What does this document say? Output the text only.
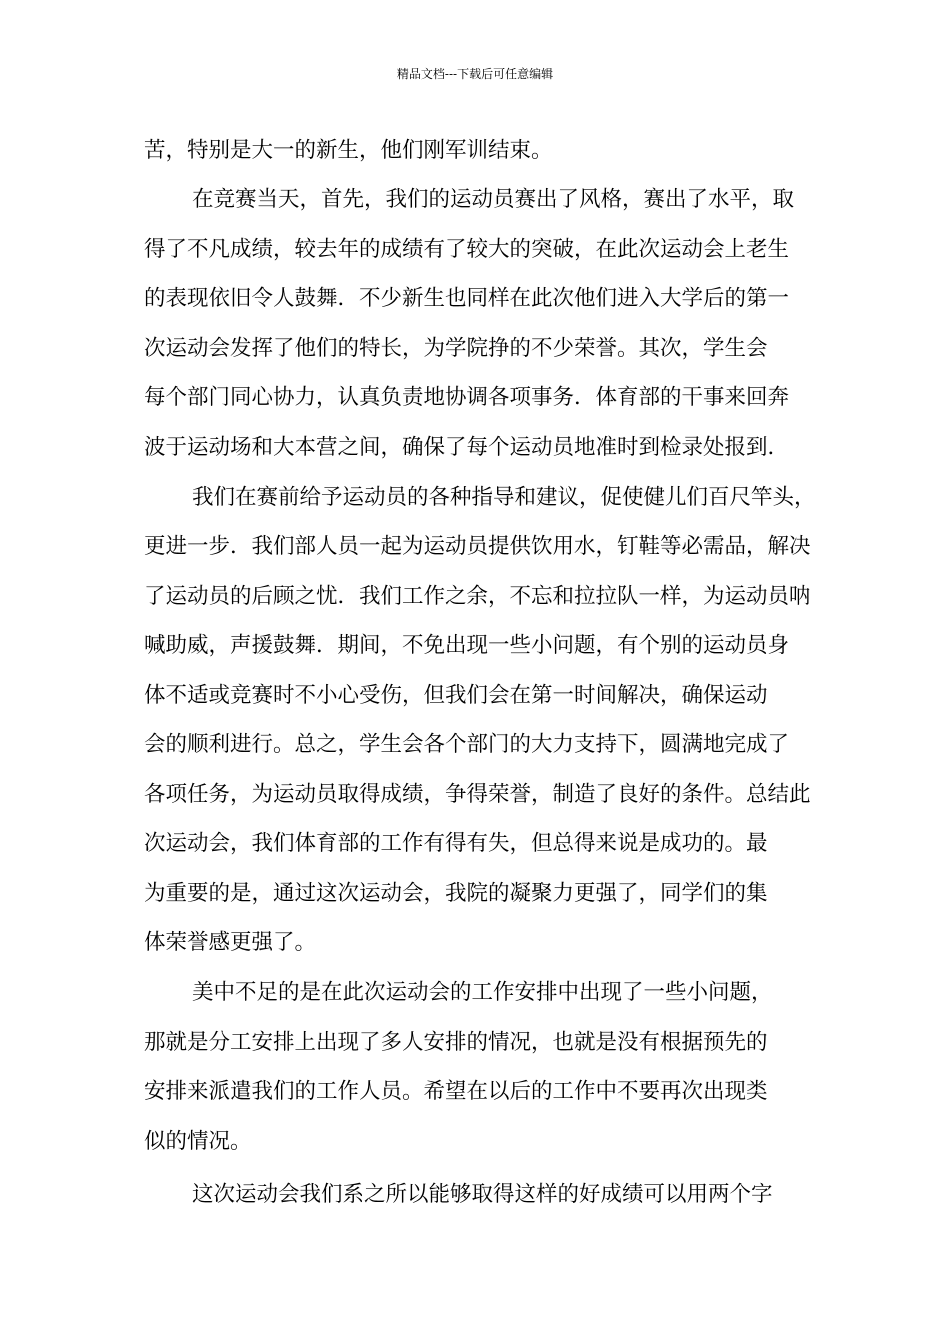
精品文档---下载后可任意编辑
苦，特别是大一的新生，他们刚军训结束。
在竞赛当天，首先，我们的运动员赛出了风格，赛出了水平，取
得了不凡成绩，较去年的成绩有了较大的突破，在此次运动会上老生
的表现依旧令人鼓舞．不少新生也同样在此次他们进入大学后的第一
次运动会发挥了他们的特长，为学院挣的不少荣誉。其次，学生会
每个部门同心协力，认真负责地协调各项事务．体育部的干事来回奔
波于运动场和大本营之间，确保了每个运动员地准时到检录处报到．
我们在赛前给予运动员的各种指导和建议，促使健儿们百尺竿头，
更进一步．我们部人员一起为运动员提供饮用水，钉鞋等必需品，解决
了运动员的后顾之忧．我们工作之余，不忘和拉拉队一样，为运动员呐
喊助威，声援鼓舞．期间，不免出现一些小问题，有个别的运动员身
体不适或竞赛时不小心受伤，但我们会在第一时间解决，确保运动
会的顺利进行。总之，学生会各个部门的大力支持下，圆满地完成了
各项任务，为运动员取得成绩，争得荣誉，制造了良好的条件。总结此
次运动会，我们体育部的工作有得有失，但总得来说是成功的。最
为重要的是，通过这次运动会，我院的凝聚力更强了，同学们的集
体荣誉感更强了。
美中不足的是在此次运动会的工作安排中出现了一些小问题，
那就是分工安排上出现了多人安排的情况，也就是没有根据预先的
安排来派遣我们的工作人员。希望在以后的工作中不要再次出现类
似的情况。
这次运动会我们系之所以能够取得这样的好成绩可以用两个字
